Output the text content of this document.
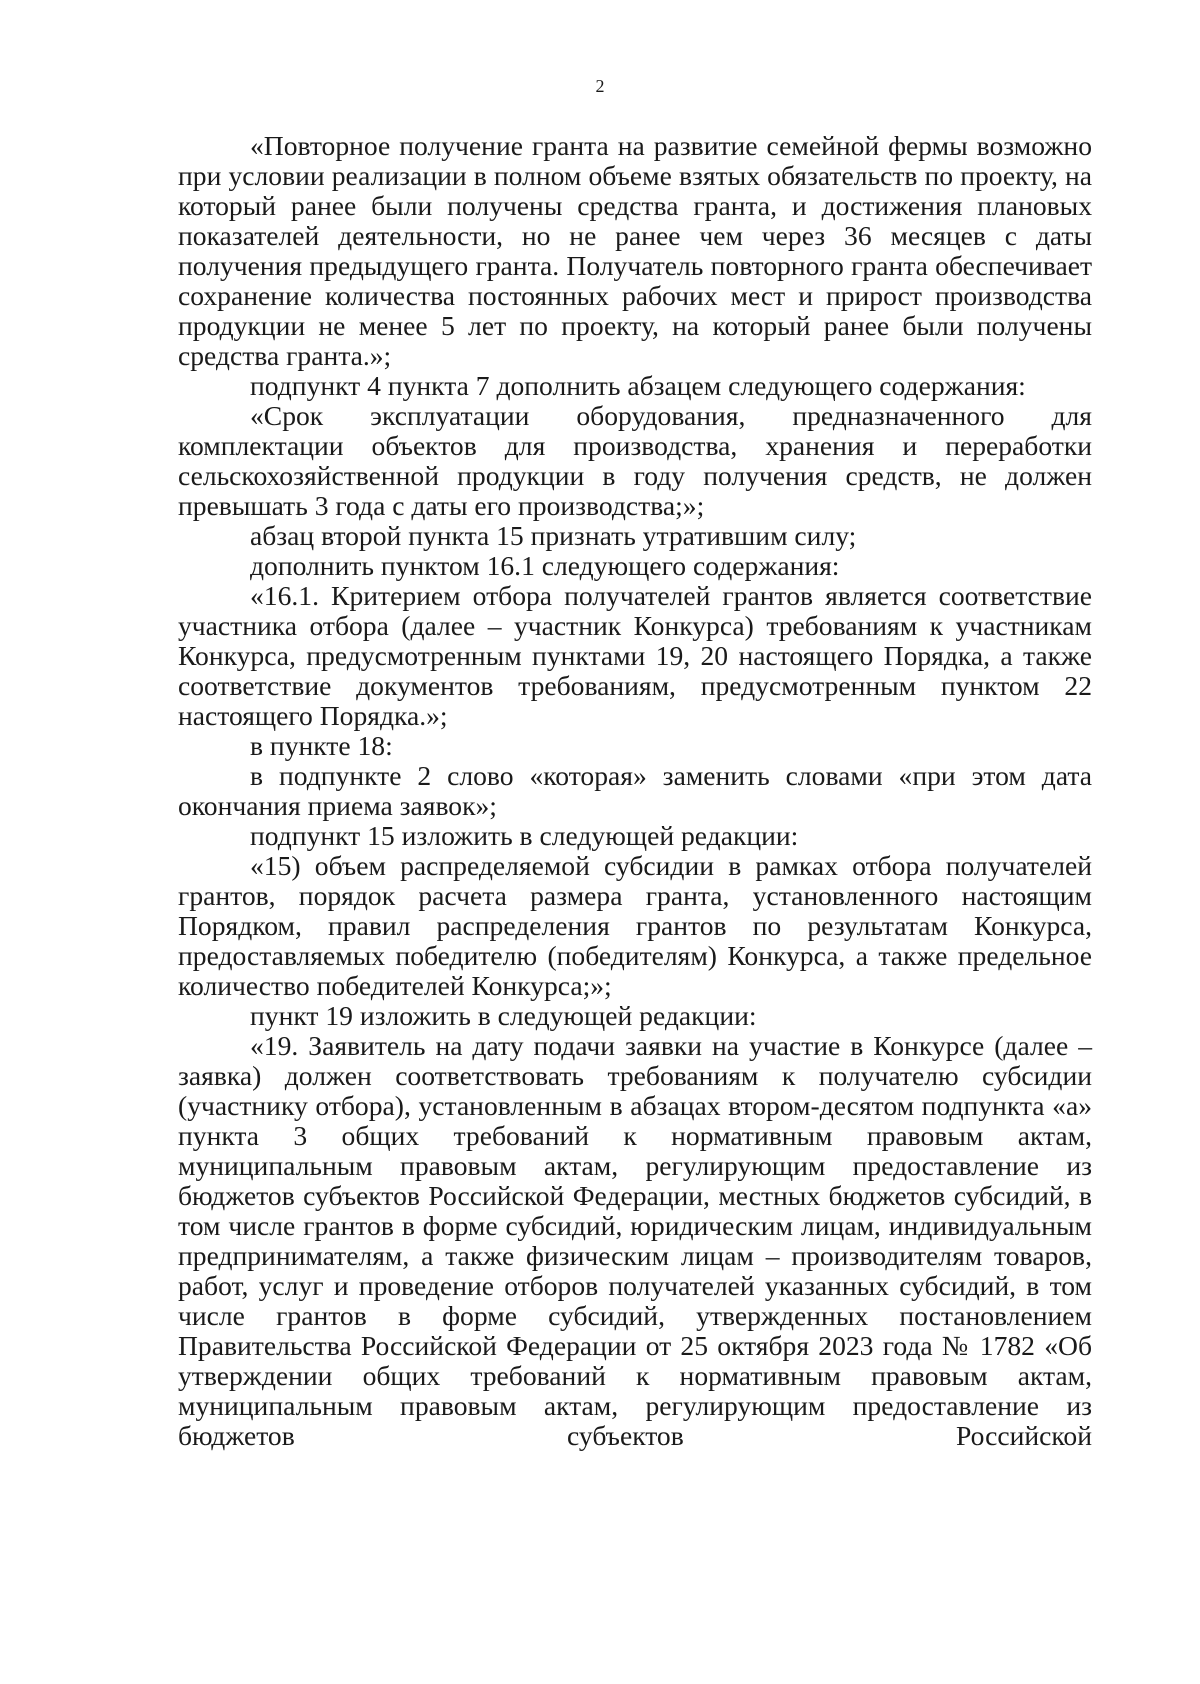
2

«Повторное получение гранта на развитие семейной фермы возможно при условии реализации в полном объеме взятых обязательств по проекту, на который ранее были получены средства гранта, и достижения плановых показателей деятельности, но не ранее чем через 36 месяцев с даты получения предыдущего гранта. Получатель повторного гранта обеспечивает сохранение количества постоянных рабочих мест и прирост производства продукции не менее 5 лет по проекту, на который ранее были получены средства гранта.»;

подпункт 4 пункта 7 дополнить абзацем следующего содержания:

«Срок эксплуатации оборудования, предназначенного для комплектации объектов для производства, хранения и переработки сельскохозяйственной продукции в году получения средств, не должен превышать 3 года с даты его производства;»;

абзац второй пункта 15 признать утратившим силу;

дополнить пунктом 16.1 следующего содержания:

«16.1. Критерием отбора получателей грантов является соответствие участника отбора (далее – участник Конкурса) требованиям к участникам Конкурса, предусмотренным пунктами 19, 20 настоящего Порядка, а также соответствие документов требованиям, предусмотренным пунктом 22 настоящего Порядка.»;

в пункте 18:

в подпункте 2 слово «которая» заменить словами «при этом дата окончания приема заявок»;

подпункт 15 изложить в следующей редакции:

«15) объем распределяемой субсидии в рамках отбора получателей грантов, порядок расчета размера гранта, установленного настоящим Порядком, правил распределения грантов по результатам Конкурса, предоставляемых победителю (победителям) Конкурса, а также предельное количество победителей Конкурса;»;

пункт 19 изложить в следующей редакции:

«19. Заявитель на дату подачи заявки на участие в Конкурсе (далее – заявка) должен соответствовать требованиям к получателю субсидии (участнику отбора), установленным в абзацах втором-десятом подпункта «а» пункта 3 общих требований к нормативным правовым актам, муниципальным правовым актам, регулирующим предоставление из бюджетов субъектов Российской Федерации, местных бюджетов субсидий, в том числе грантов в форме субсидий, юридическим лицам, индивидуальным предпринимателям, а также физическим лицам – производителям товаров, работ, услуг и проведение отборов получателей указанных субсидий, в том числе грантов в форме субсидий, утвержденных постановлением Правительства Российской Федерации от 25 октября 2023 года № 1782 «Об утверждении общих требований к нормативным правовым актам, муниципальным правовым актам, регулирующим предоставление из бюджетов субъектов Российской
